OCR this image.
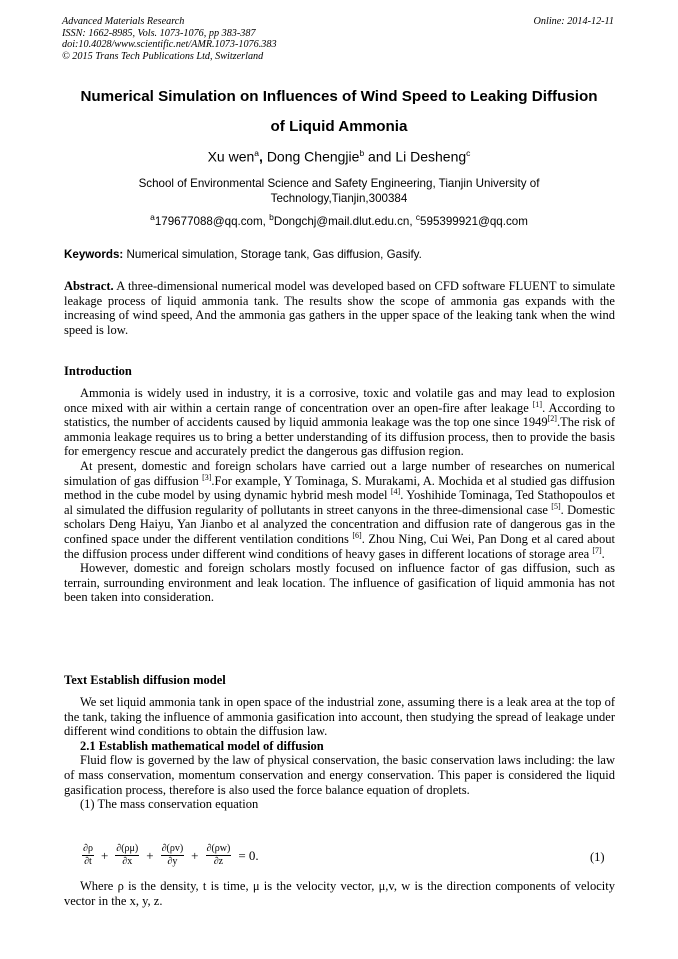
Advanced Materials Research
ISSN: 1662-8985, Vols. 1073-1076, pp 383-387
doi:10.4028/www.scientific.net/AMR.1073-1076.383
© 2015 Trans Tech Publications Ltd, Switzerland
Online: 2014-12-11
Numerical Simulation on Influences of Wind Speed to Leaking Diffusion
of Liquid Ammonia
Xu wen$^a$, Dong Chengjie$^b$ and Li Desheng$^c$
School of Environmental Science and Safety Engineering, Tianjin University of
Technology,Tianjin,300384
$^a$179677088@qq.com, $^b$Dongchj@mail.dlut.edu.cn, $^c$595399921@qq.com
Keywords: Numerical simulation, Storage tank, Gas diffusion, Gasify.

Abstract. A three-dimensional numerical model was developed based on CFD software FLUENT to simulate leakage process of liquid ammonia tank. The results show the scope of ammonia gas expands with the increasing of wind speed, And the ammonia gas gathers in the upper space of the leaking tank when the wind speed is low.

Introduction

Ammonia is widely used in industry, it is a corrosive, toxic and volatile gas and may lead to explosion once mixed with air within a certain range of concentration over an open-fire after leakage [1]. According to statistics, the number of accidents caused by liquid ammonia leakage was the top one since 1949[2].The risk of ammonia leakage requires us to bring a better understanding of its diffusion process, then to provide the basis for emergency rescue and accurately predict the dangerous gas diffusion region.

At present, domestic and foreign scholars have carried out a large number of researches on numerical simulation of gas diffusion [3].For example, Y Tominaga, S. Murakami, A. Mochida et al studied gas diffusion method in the cube model by using dynamic hybrid mesh model [4]. Yoshihide Tominaga, Ted Stathopoulos et al simulated the diffusion regularity of pollutants in street canyons in the three-dimensional case [5]. Domestic scholars Deng Haiyu, Yan Jianbo et al analyzed the concentration and diffusion rate of dangerous gas in the confined space under the different ventilation conditions [6]. Zhou Ning, Cui Wei, Pan Dong et al cared about the diffusion process under different wind conditions of heavy gases in different locations of storage area [7].

However, domestic and foreign scholars mostly focused on influence factor of gas diffusion, such as terrain, surrounding environment and leak location. The influence of gasification of liquid ammonia has not been taken into consideration.

Text Establish diffusion model

We set liquid ammonia tank in open space of the industrial zone, assuming there is a leak area at the top of the tank, taking the influence of ammonia gasification into account, then studying the spread of leakage under different wind conditions to obtain the diffusion law.

2.1 Establish mathematical model of diffusion

Fluid flow is governed by the law of physical conservation, the basic conservation laws including: the law of mass conservation, momentum conservation and energy conservation. This paper is considered the liquid gasification process, therefore is also used the force balance equation of droplets.

(1) The mass conservation equation

$\frac{\partial\rho}{\partial t} + \frac{\partial(\rho\mu)}{\partial x} + \frac{\partial(\rho v)}{\partial y} + \frac{\partial(\rho w)}{\partial z} = 0$.	(1)

Where ρ is the density, t is time, μ is the velocity vector, μ,v, w is the direction components of velocity vector in the x, y, z.
